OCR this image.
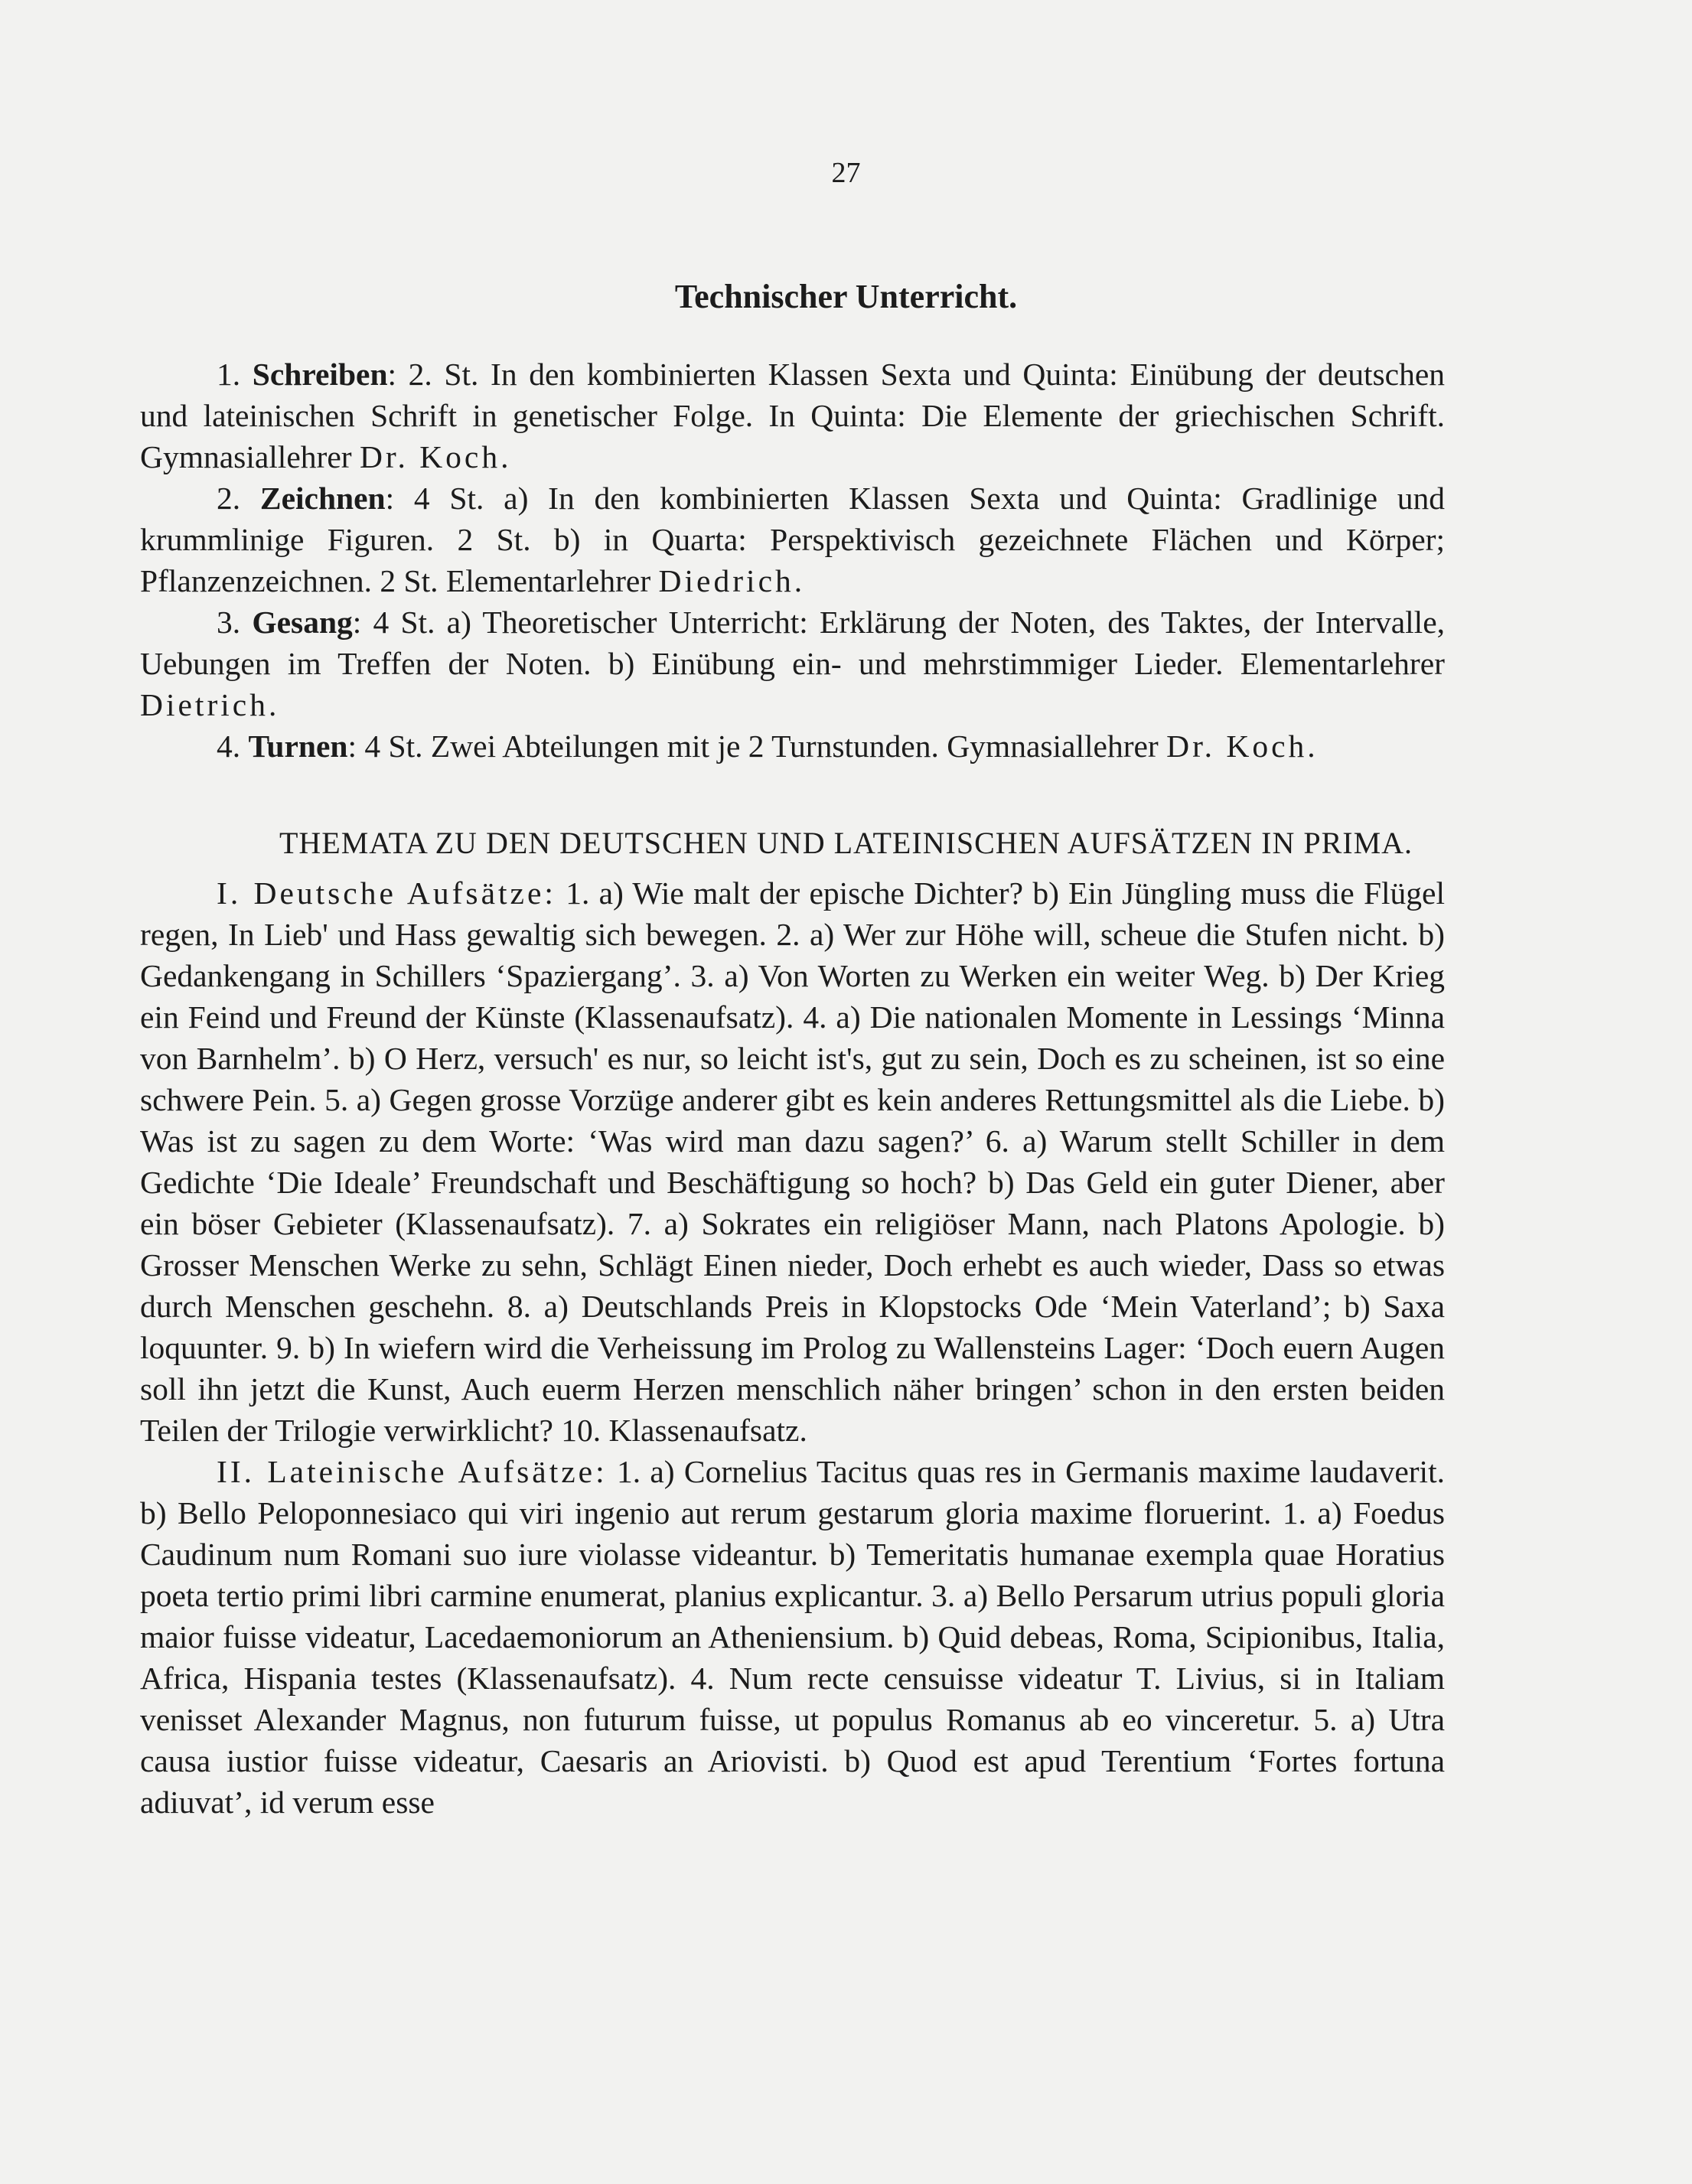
27
Technischer Unterricht.

1. Schreiben: 2. St. In den kombinierten Klassen Sexta und Quinta: Einübung der deutschen und lateinischen Schrift in genetischer Folge. In Quinta: Die Elemente der griechischen Schrift. Gymnasiallehrer Dr. Koch.

2. Zeichnen: 4 St. a) In den kombinierten Klassen Sexta und Quinta: Gradlinige und krummlinige Figuren. 2 St. b) in Quarta: Perspektivisch gezeichnete Flächen und Körper; Pflanzenzeichnen. 2 St. Elementarlehrer Diedrich.

3. Gesang: 4 St. a) Theoretischer Unterricht: Erklärung der Noten, des Taktes, der Intervalle, Uebungen im Treffen der Noten. b) Einübung ein- und mehrstimmiger Lieder. Elementarlehrer Dietrich.

4. Turnen: 4 St. Zwei Abteilungen mit je 2 Turnstunden. Gymnasiallehrer Dr. Koch.

THEMATA ZU DEN DEUTSCHEN UND LATEINISCHEN AUFSÄTZEN IN PRIMA.

I. Deutsche Aufsätze: 1. a) Wie malt der epische Dichter? b) Ein Jüngling muss die Flügel regen, In Lieb' und Hass gewaltig sich bewegen. 2. a) Wer zur Höhe will, scheue die Stufen nicht. b) Gedankengang in Schillers ‘Spaziergang’. 3. a) Von Worten zu Werken ein weiter Weg. b) Der Krieg ein Feind und Freund der Künste (Klassenaufsatz). 4. a) Die nationalen Momente in Lessings ‘Minna von Barnhelm’. b) O Herz, versuch' es nur, so leicht ist's, gut zu sein, Doch es zu scheinen, ist so eine schwere Pein. 5. a) Gegen grosse Vorzüge anderer gibt es kein anderes Rettungsmittel als die Liebe. b) Was ist zu sagen zu dem Worte: ‘Was wird man dazu sagen?’ 6. a) Warum stellt Schiller in dem Gedichte ‘Die Ideale’ Freundschaft und Beschäftigung so hoch? b) Das Geld ein guter Diener, aber ein böser Gebieter (Klassenaufsatz). 7. a) Sokrates ein religiöser Mann, nach Platons Apologie. b) Grosser Menschen Werke zu sehn, Schlägt Einen nieder, Doch erhebt es auch wieder, Dass so etwas durch Menschen geschehn. 8. a) Deutschlands Preis in Klopstocks Ode ‘Mein Vaterland’; b) Saxa loquunter. 9. b) In wiefern wird die Verheissung im Prolog zu Wallensteins Lager: ‘Doch euern Augen soll ihn jetzt die Kunst, Auch euerm Herzen menschlich näher bringen’ schon in den ersten beiden Teilen der Trilogie verwirklicht? 10. Klassenaufsatz.

II. Lateinische Aufsätze: 1. a) Cornelius Tacitus quas res in Germanis maxime laudaverit. b) Bello Peloponnesiaco qui viri ingenio aut rerum gestarum gloria maxime floruerint. 1. a) Foedus Caudinum num Romani suo iure violasse videantur. b) Temeritatis humanae exempla quae Horatius poeta tertio primi libri carmine enumerat, planius explicantur. 3. a) Bello Persarum utrius populi gloria maior fuisse videatur, Lacedaemoniorum an Atheniensium. b) Quid debeas, Roma, Scipionibus, Italia, Africa, Hispania testes (Klassenaufsatz). 4. Num recte censuisse videatur T. Livius, si in Italiam venisset Alexander Magnus, non futurum fuisse, ut populus Romanus ab eo vinceretur. 5. a) Utra causa iustior fuisse videatur, Caesaris an Ariovisti. b) Quod est apud Terentium ‘Fortes fortuna adiuvat’, id verum esse
